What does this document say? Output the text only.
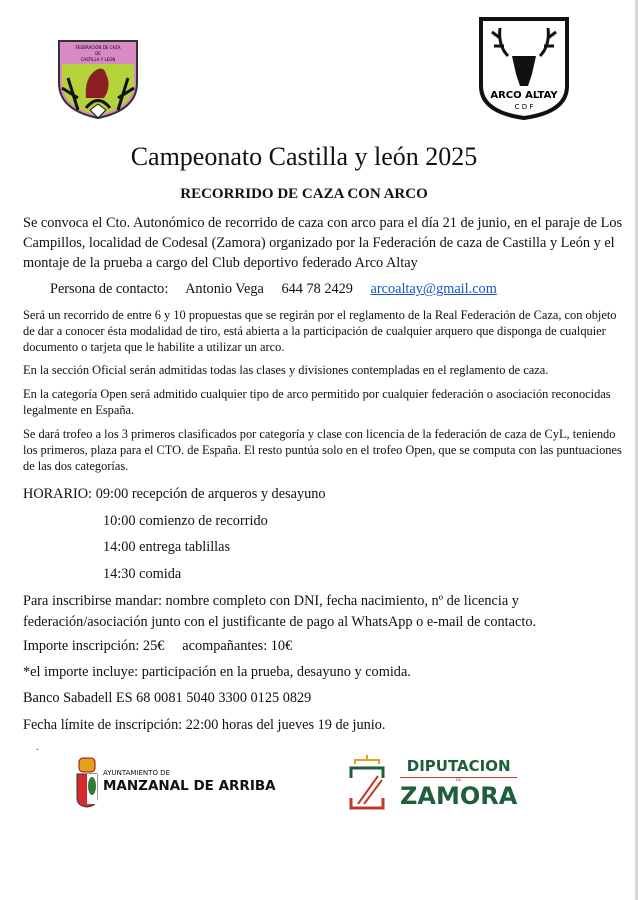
FEDERACIÓN DE CAZA
DE
CASTILLA Y LEÓN
ARCO ALTAY
C D F
Campeonato Castilla y león 2025
RECORRIDO DE CAZA CON ARCO
Se convoca el Cto. Autonómico de recorrido de caza con arco para el día 21 de junio, en el paraje de Los Campillos, localidad de Codesal (Zamora) organizado por la Federación de caza de Castilla y León y el montaje de la prueba a cargo del Club deportivo federado Arco Altay
Persona de contacto: Antonio Vega 644 78 2429 arcoaltay@gmail.com
Será un recorrido de entre 6 y 10 propuestas que se regirán por el reglamento de la Real Federación de Caza, con objeto de dar a conocer ésta modalidad de tiro, está abierta a la participación de cualquier arquero que disponga de cualquier documento o tarjeta que le habilite a utilizar un arco.
En la sección Oficial serán admitidas todas las clases y divisiones contempladas en el reglamento de caza.
En la categoría Open será admitido cualquier tipo de arco permitido por cualquier federación o asociación reconocidas legalmente en España.
Se dará trofeo a los 3 primeros clasificados por categoría y clase con licencia de la federación de caza de CyL, teniendo los primeros, plaza para el CTO. de España. El resto puntúa solo en el trofeo Open, que se computa con las puntuaciones de las dos categorías.
HORARIO: 09:00 recepción de arqueros y desayuno
10:00 comienzo de recorrido
14:00 entrega tablillas
14:30 comida
Para inscribirse mandar: nombre completo con DNI, fecha nacimiento, nº de licencia y federación/asociación junto con el justificante de pago al WhatsApp o e-mail de contacto.
Importe inscripción: 25€ acompañantes: 10€
*el importe incluye: participación en la prueba, desayuno y comida.
Banco Sabadell ES 68 0081 5040 3300 0125 0829
Fecha límite de inscripción: 22:00 horas del jueves 19 de junio.
.
AYUNTAMIENTO DE
MANZANAL DE ARRIBA
DIPUTACION
DE
ZAMORA
